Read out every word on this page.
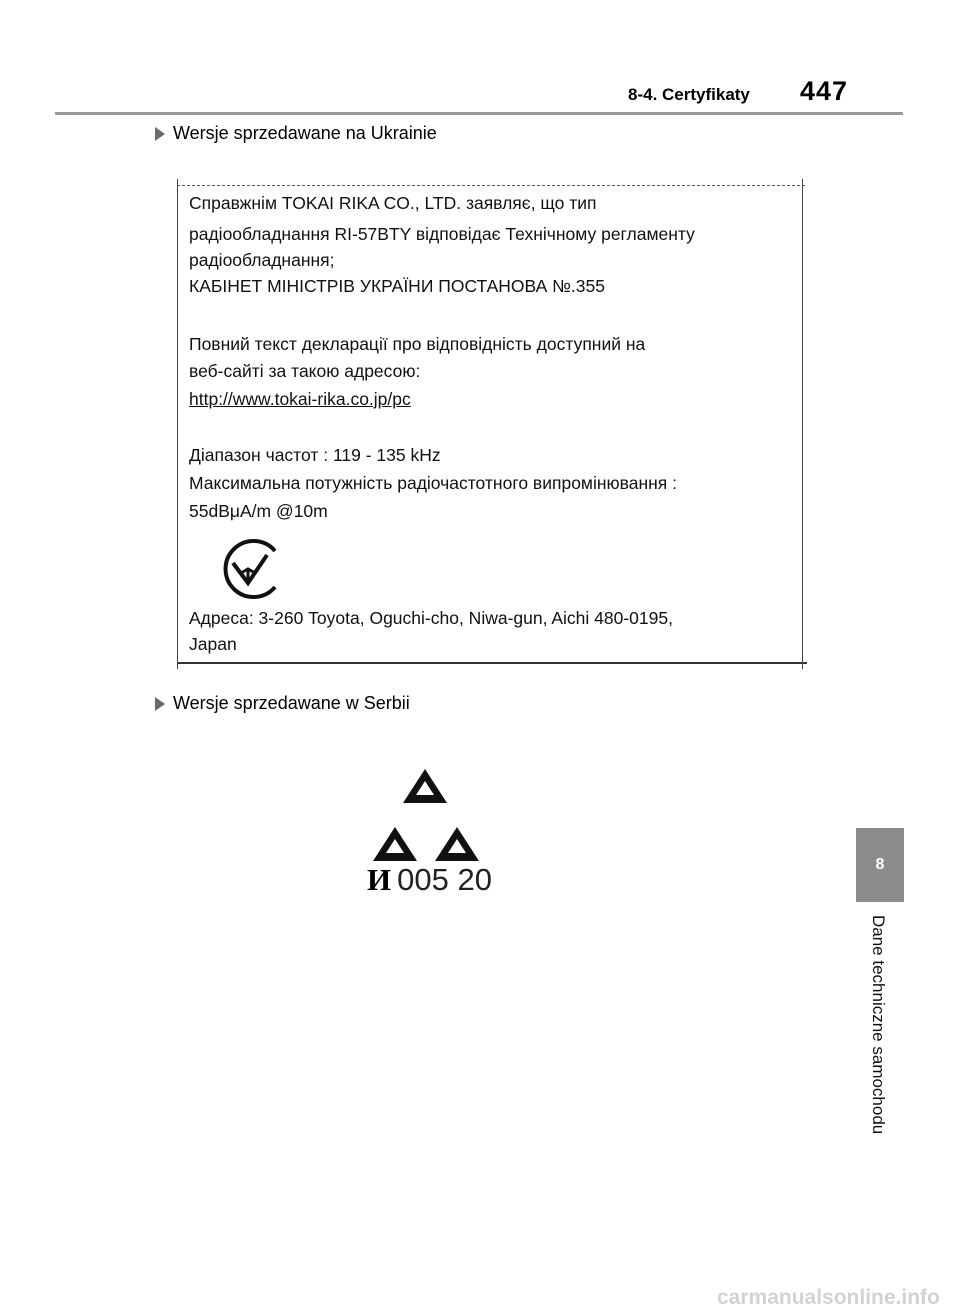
8-4. Certyfikaty 447
Wersje sprzedawane na Ukrainie
Справжнім TOKAI RIKA CO., LTD. заявляє, що тип
радіообладнання RI-57BTY відповідає Технічному регламенту
радіообладнання;
КАБІНЕТ МІНІСТРІВ УКРАЇНИ ПОСТАНОВА №.355
Повний текст декларації про відповідність доступний на
веб-сайті за такою адресою:
http://www.tokai-rika.co.jp/pc
Діапазон частот : 119 - 135 kHz
Максимальна потужність радіочастотного випромінювання :
55dBμA/m @10m
Адреса: 3-260 Toyota, Oguchi-cho, Niwa-gun, Aichi 480-0195,
Japan
Wersje sprzedawane w Serbii
И 005 20	8
Dane techniczne samochodu
carmanualsonline.info
